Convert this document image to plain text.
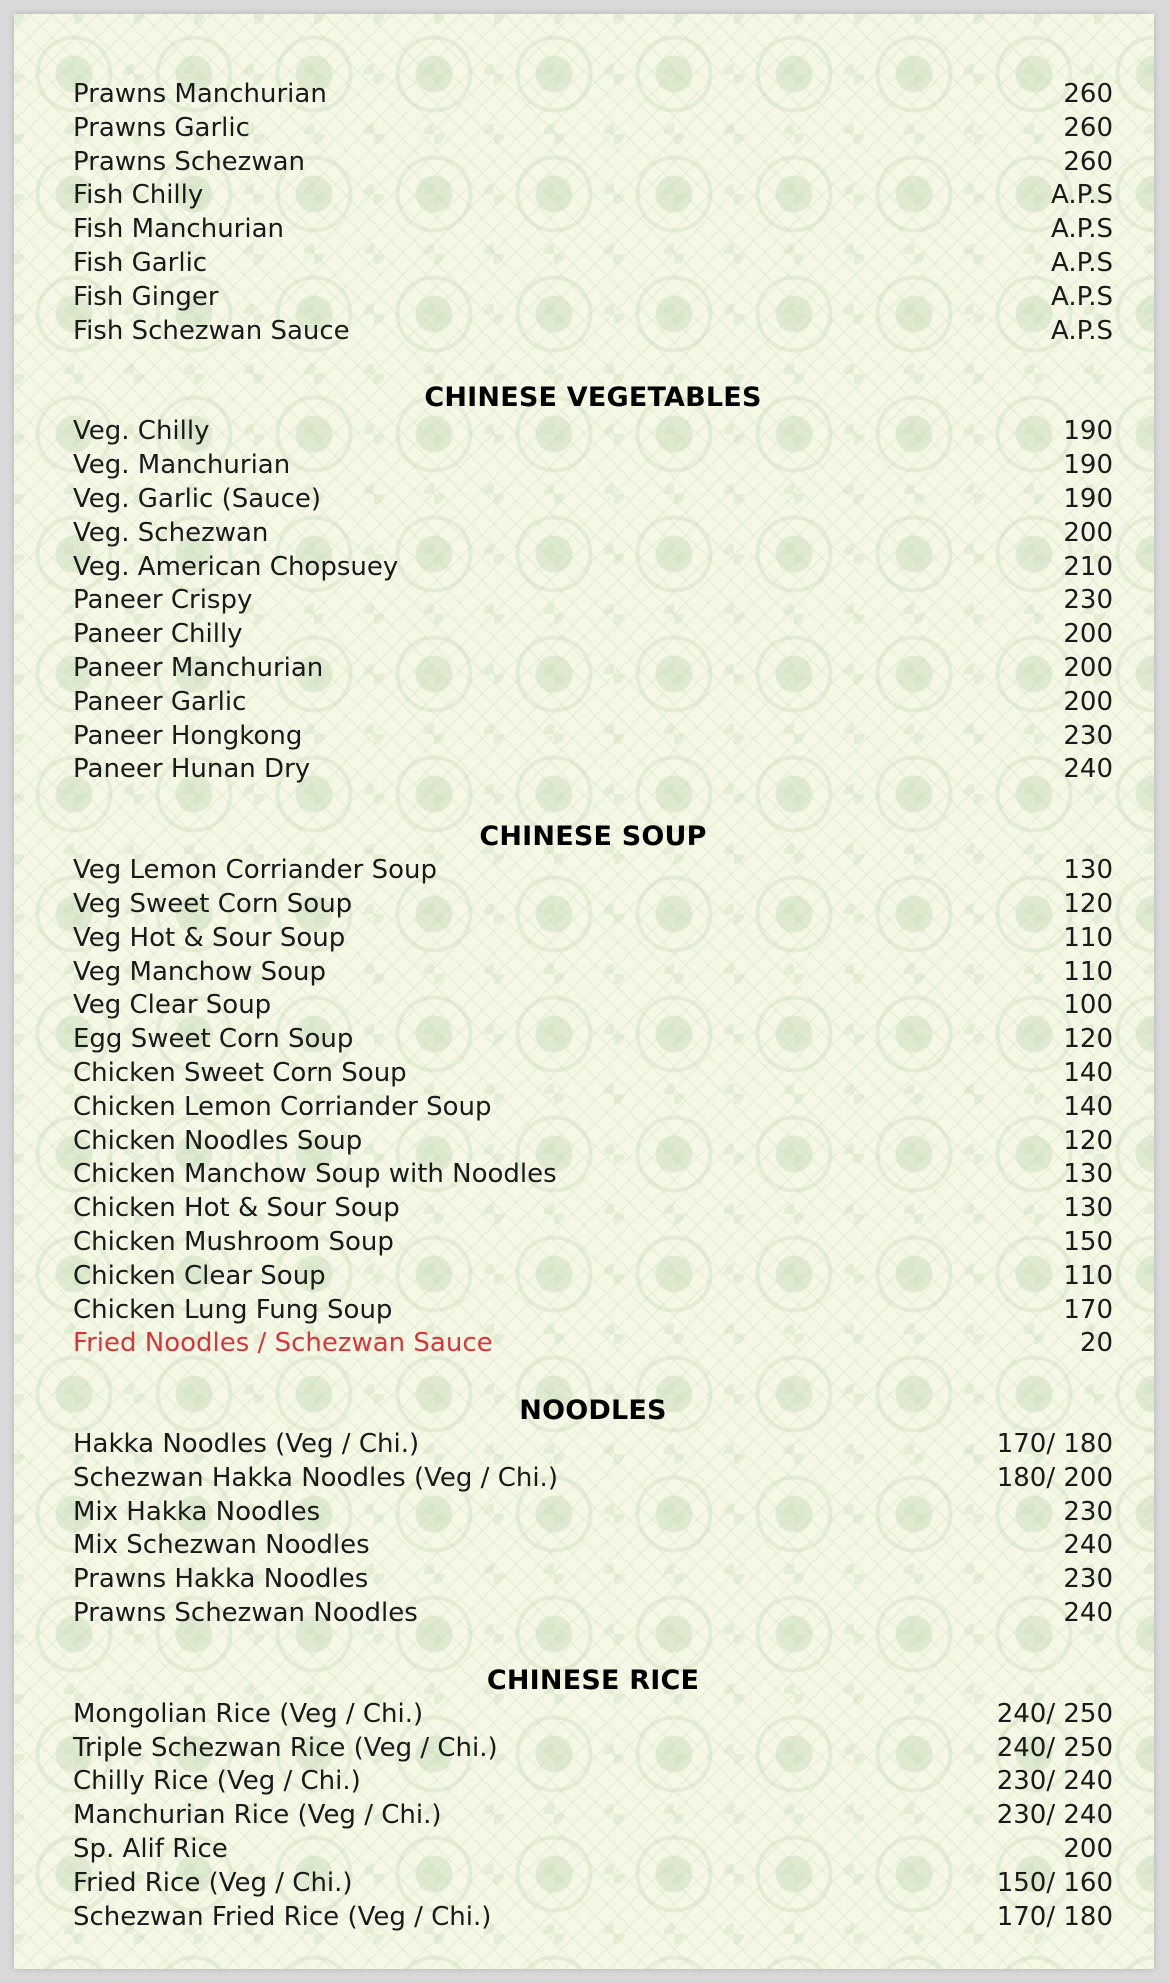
Prawns Manchurian	260
Prawns Garlic	260
Prawns Schezwan	260
Fish Chilly	A.P.S
Fish Manchurian	A.P.S
Fish Garlic	A.P.S
Fish Ginger	A.P.S
Fish Schezwan Sauce	A.P.S
CHINESE VEGETABLES
Veg. Chilly	190
Veg. Manchurian	190
Veg. Garlic (Sauce)	190
Veg. Schezwan	200
Veg. American Chopsuey	210
Paneer Crispy	230
Paneer Chilly	200
Paneer Manchurian	200
Paneer Garlic	200
Paneer Hongkong	230
Paneer Hunan Dry	240
CHINESE SOUP
Veg Lemon Corriander Soup	130
Veg Sweet Corn Soup	120
Veg Hot & Sour Soup	110
Veg Manchow Soup	110
Veg Clear Soup	100
Egg Sweet Corn Soup	120
Chicken Sweet Corn Soup	140
Chicken Lemon Corriander Soup	140
Chicken Noodles Soup	120
Chicken Manchow Soup with Noodles	130
Chicken Hot & Sour Soup	130
Chicken Mushroom Soup	150
Chicken Clear Soup	110
Chicken Lung Fung Soup	170
Fried Noodles / Schezwan Sauce	20
NOODLES
Hakka Noodles (Veg / Chi.)	170/ 180
Schezwan Hakka Noodles (Veg / Chi.)	180/ 200
Mix Hakka Noodles	230
Mix Schezwan Noodles	240
Prawns Hakka Noodles	230
Prawns Schezwan Noodles	240
CHINESE RICE
Mongolian Rice (Veg / Chi.)	240/ 250
Triple Schezwan Rice (Veg / Chi.)	240/ 250
Chilly Rice (Veg / Chi.)	230/ 240
Manchurian Rice (Veg / Chi.)	230/ 240
Sp. Alif Rice	200
Fried Rice (Veg / Chi.)	150/ 160
Schezwan Fried Rice (Veg / Chi.)	170/ 180
